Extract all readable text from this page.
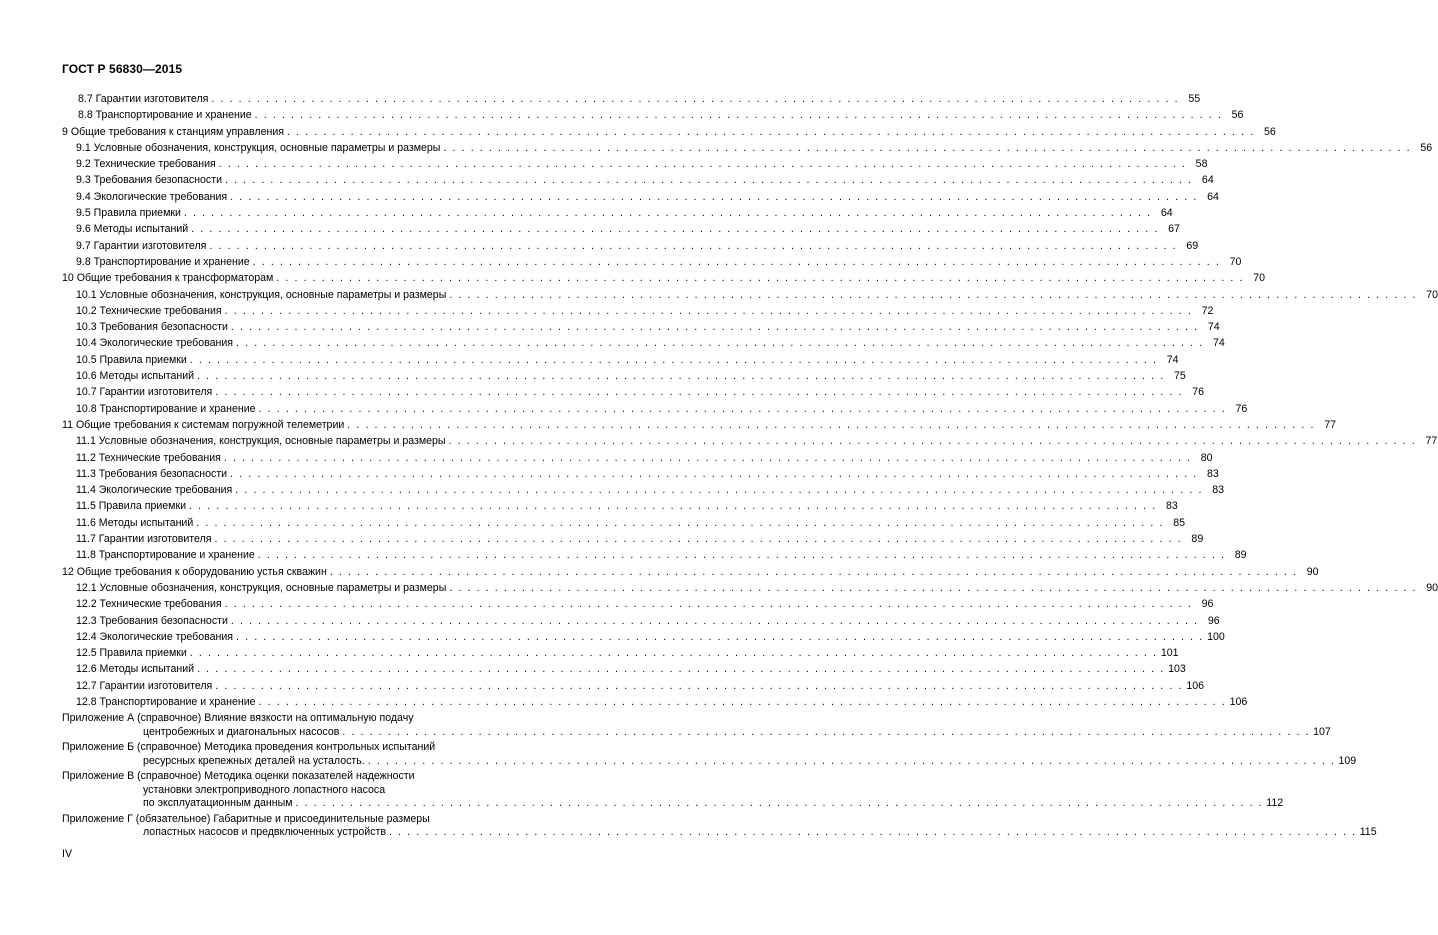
ГОСТ Р 56830—2015
8.7 Гарантии изготовителя . . . . . . . . . . . . . . . . . . . . . . . . . . . . . . . . . . . . . . . . . . . . . . . . . . . . . . . . . . . . . . . . . . . . . . . . . . . . . . . . . . . . . . . . . . . . . . . . . . . . . . . . . . . 55
8.8 Транспортирование и хранение . . . . . . . . . . . . . . . . . . . . . . . . . . . . . . . . . . . . . . . . . . . . . . . . . . . . . . . . . . . . . . . . . . . . . . . . . . . . . . . . . . . . . . . . . . . . . . . . . . . . . . . . . . . 56
9 Общие требования к станциям управления . . . . . . . . . . . . . . . . . . . . . . . . . . . . . . . . . . . . . . . . . . . . . . . . . . . . . . . . . . . . . . . . . . . . . . . . . . . . . . . . . . . . . . . . . . . . . . . . . . . . . . . . . . . 56
9.1 Условные обозначения, конструкция, основные параметры и размеры . . . . . . . . . . . . . . . . . . . . . . . . . . . . . . . . . . . . . . . . . . . . . . . . . . . . . . . . . . . . . . . . . . . . . . . . . . . . . . . . . . . . . . . . . . . . . . . . . . . . . . . . . . . 56
9.2 Технические требования . . . . . . . . . . . . . . . . . . . . . . . . . . . . . . . . . . . . . . . . . . . . . . . . . . . . . . . . . . . . . . . . . . . . . . . . . . . . . . . . . . . . . . . . . . . . . . . . . . . . . . . . . . . 58
9.3 Требования безопасности . . . . . . . . . . . . . . . . . . . . . . . . . . . . . . . . . . . . . . . . . . . . . . . . . . . . . . . . . . . . . . . . . . . . . . . . . . . . . . . . . . . . . . . . . . . . . . . . . . . . . . . . . . . 64
9.4 Экологические требования . . . . . . . . . . . . . . . . . . . . . . . . . . . . . . . . . . . . . . . . . . . . . . . . . . . . . . . . . . . . . . . . . . . . . . . . . . . . . . . . . . . . . . . . . . . . . . . . . . . . . . . . . . . 64
9.5 Правила приемки . . . . . . . . . . . . . . . . . . . . . . . . . . . . . . . . . . . . . . . . . . . . . . . . . . . . . . . . . . . . . . . . . . . . . . . . . . . . . . . . . . . . . . . . . . . . . . . . . . . . . . . . . . . 64
9.6 Методы испытаний . . . . . . . . . . . . . . . . . . . . . . . . . . . . . . . . . . . . . . . . . . . . . . . . . . . . . . . . . . . . . . . . . . . . . . . . . . . . . . . . . . . . . . . . . . . . . . . . . . . . . . . . . . . 67
9.7 Гарантии изготовителя . . . . . . . . . . . . . . . . . . . . . . . . . . . . . . . . . . . . . . . . . . . . . . . . . . . . . . . . . . . . . . . . . . . . . . . . . . . . . . . . . . . . . . . . . . . . . . . . . . . . . . . . . . . 69
9.8 Транспортирование и хранение . . . . . . . . . . . . . . . . . . . . . . . . . . . . . . . . . . . . . . . . . . . . . . . . . . . . . . . . . . . . . . . . . . . . . . . . . . . . . . . . . . . . . . . . . . . . . . . . . . . . . . . . . . . 70
10 Общие требования к трансформаторам . . . . . . . . . . . . . . . . . . . . . . . . . . . . . . . . . . . . . . . . . . . . . . . . . . . . . . . . . . . . . . . . . . . . . . . . . . . . . . . . . . . . . . . . . . . . . . . . . . . . . . . . . . . 70
10.1 Условные обозначения, конструкция, основные параметры и размеры . . . . . . . . . . . . . . . . . . . . . . . . . . . . . . . . . . . . . . . . . . . . . . . . . . . . . . . . . . . . . . . . . . . . . . . . . . . . . . . . . . . . . . . . . . . . . . . . . . . . . . . . . . . 70
10.2 Технические требования . . . . . . . . . . . . . . . . . . . . . . . . . . . . . . . . . . . . . . . . . . . . . . . . . . . . . . . . . . . . . . . . . . . . . . . . . . . . . . . . . . . . . . . . . . . . . . . . . . . . . . . . . . . 72
10.3 Требования безопасности . . . . . . . . . . . . . . . . . . . . . . . . . . . . . . . . . . . . . . . . . . . . . . . . . . . . . . . . . . . . . . . . . . . . . . . . . . . . . . . . . . . . . . . . . . . . . . . . . . . . . . . . . . . 74
10.4 Экологические требования . . . . . . . . . . . . . . . . . . . . . . . . . . . . . . . . . . . . . . . . . . . . . . . . . . . . . . . . . . . . . . . . . . . . . . . . . . . . . . . . . . . . . . . . . . . . . . . . . . . . . . . . . . . 74
10.5 Правила приемки . . . . . . . . . . . . . . . . . . . . . . . . . . . . . . . . . . . . . . . . . . . . . . . . . . . . . . . . . . . . . . . . . . . . . . . . . . . . . . . . . . . . . . . . . . . . . . . . . . . . . . . . . . . 74
10.6 Методы испытаний . . . . . . . . . . . . . . . . . . . . . . . . . . . . . . . . . . . . . . . . . . . . . . . . . . . . . . . . . . . . . . . . . . . . . . . . . . . . . . . . . . . . . . . . . . . . . . . . . . . . . . . . . . . 75
10.7 Гарантии изготовителя . . . . . . . . . . . . . . . . . . . . . . . . . . . . . . . . . . . . . . . . . . . . . . . . . . . . . . . . . . . . . . . . . . . . . . . . . . . . . . . . . . . . . . . . . . . . . . . . . . . . . . . . . . . 76
10.8 Транспортирование и хранение . . . . . . . . . . . . . . . . . . . . . . . . . . . . . . . . . . . . . . . . . . . . . . . . . . . . . . . . . . . . . . . . . . . . . . . . . . . . . . . . . . . . . . . . . . . . . . . . . . . . . . . . . . . 76
11 Общие требования к системам погружной телеметрии . . . . . . . . . . . . . . . . . . . . . . . . . . . . . . . . . . . . . . . . . . . . . . . . . . . . . . . . . . . . . . . . . . . . . . . . . . . . . . . . . . . . . . . . . . . . . . . . . . . . . . . . . . . 77
11.1 Условные обозначения, конструкция, основные параметры и размеры . . . . . . . . . . . . . . . . . . . . . . . . . . . . . . . . . . . . . . . . . . . . . . . . . . . . . . . . . . . . . . . . . . . . . . . . . . . . . . . . . . . . . . . . . . . . . . . . . . . . . . . . . . . 77
11.2 Технические требования . . . . . . . . . . . . . . . . . . . . . . . . . . . . . . . . . . . . . . . . . . . . . . . . . . . . . . . . . . . . . . . . . . . . . . . . . . . . . . . . . . . . . . . . . . . . . . . . . . . . . . . . . . . 80
11.3 Требования безопасности . . . . . . . . . . . . . . . . . . . . . . . . . . . . . . . . . . . . . . . . . . . . . . . . . . . . . . . . . . . . . . . . . . . . . . . . . . . . . . . . . . . . . . . . . . . . . . . . . . . . . . . . . . . 83
11.4 Экологические требования . . . . . . . . . . . . . . . . . . . . . . . . . . . . . . . . . . . . . . . . . . . . . . . . . . . . . . . . . . . . . . . . . . . . . . . . . . . . . . . . . . . . . . . . . . . . . . . . . . . . . . . . . . . 83
11.5 Правила приемки . . . . . . . . . . . . . . . . . . . . . . . . . . . . . . . . . . . . . . . . . . . . . . . . . . . . . . . . . . . . . . . . . . . . . . . . . . . . . . . . . . . . . . . . . . . . . . . . . . . . . . . . . . . 83
11.6 Методы испытаний . . . . . . . . . . . . . . . . . . . . . . . . . . . . . . . . . . . . . . . . . . . . . . . . . . . . . . . . . . . . . . . . . . . . . . . . . . . . . . . . . . . . . . . . . . . . . . . . . . . . . . . . . . . 85
11.7 Гарантии изготовителя . . . . . . . . . . . . . . . . . . . . . . . . . . . . . . . . . . . . . . . . . . . . . . . . . . . . . . . . . . . . . . . . . . . . . . . . . . . . . . . . . . . . . . . . . . . . . . . . . . . . . . . . . . . 89
11.8 Транспортирование и хранение . . . . . . . . . . . . . . . . . . . . . . . . . . . . . . . . . . . . . . . . . . . . . . . . . . . . . . . . . . . . . . . . . . . . . . . . . . . . . . . . . . . . . . . . . . . . . . . . . . . . . . . . . . . 89
12 Общие требования к оборудованию устья скважин . . . . . . . . . . . . . . . . . . . . . . . . . . . . . . . . . . . . . . . . . . . . . . . . . . . . . . . . . . . . . . . . . . . . . . . . . . . . . . . . . . . . . . . . . . . . . . . . . . . . . . . . . . . 90
12.1 Условные обозначения, конструкция, основные параметры и размеры . . . . . . . . . . . . . . . . . . . . . . . . . . . . . . . . . . . . . . . . . . . . . . . . . . . . . . . . . . . . . . . . . . . . . . . . . . . . . . . . . . . . . . . . . . . . . . . . . . . . . . . . . . . 90
12.2 Технические требования . . . . . . . . . . . . . . . . . . . . . . . . . . . . . . . . . . . . . . . . . . . . . . . . . . . . . . . . . . . . . . . . . . . . . . . . . . . . . . . . . . . . . . . . . . . . . . . . . . . . . . . . . . . 96
12.3 Требования безопасности . . . . . . . . . . . . . . . . . . . . . . . . . . . . . . . . . . . . . . . . . . . . . . . . . . . . . . . . . . . . . . . . . . . . . . . . . . . . . . . . . . . . . . . . . . . . . . . . . . . . . . . . . . . 96
12.4 Экологические требования . . . . . . . . . . . . . . . . . . . . . . . . . . . . . . . . . . . . . . . . . . . . . . . . . . . . . . . . . . . . . . . . . . . . . . . . . . . . . . . . . . . . . . . . . . . . . . . . . . . . . . . . . . . 100
12.5 Правила приемки . . . . . . . . . . . . . . . . . . . . . . . . . . . . . . . . . . . . . . . . . . . . . . . . . . . . . . . . . . . . . . . . . . . . . . . . . . . . . . . . . . . . . . . . . . . . . . . . . . . . . . . . . . . 101
12.6 Методы испытаний . . . . . . . . . . . . . . . . . . . . . . . . . . . . . . . . . . . . . . . . . . . . . . . . . . . . . . . . . . . . . . . . . . . . . . . . . . . . . . . . . . . . . . . . . . . . . . . . . . . . . . . . . . . 103
12.7 Гарантии изготовителя . . . . . . . . . . . . . . . . . . . . . . . . . . . . . . . . . . . . . . . . . . . . . . . . . . . . . . . . . . . . . . . . . . . . . . . . . . . . . . . . . . . . . . . . . . . . . . . . . . . . . . . . . . . 106
12.8 Транспортирование и хранение . . . . . . . . . . . . . . . . . . . . . . . . . . . . . . . . . . . . . . . . . . . . . . . . . . . . . . . . . . . . . . . . . . . . . . . . . . . . . . . . . . . . . . . . . . . . . . . . . . . . . . . . . . . 106
Приложение А (справочное) Влияние вязкости на оптимальную подачу
центробежных и диагональных насосов . . . . . . . . . . . . . . . . . . . . . . . . . . . . . . . . . . . . . . . . . . . . . . . . . . . . . . . . . . . . . . . . . . . . . . . . . . . . . . . . . . . . . . . . . . . . . . . . . . . . . . . . . . . 107
Приложение Б (справочное) Методика проведения контрольных испытаний
ресурсных крепежных деталей на усталость. . . . . . . . . . . . . . . . . . . . . . . . . . . . . . . . . . . . . . . . . . . . . . . . . . . . . . . . . . . . . . . . . . . . . . . . . . . . . . . . . . . . . . . . . . . . . . . . . . . . . . . . . . . . 109
Приложение В (справочное) Методика оценки показателей надежности
установки электроприводного лопастного насоса
по эксплуатационным данным . . . . . . . . . . . . . . . . . . . . . . . . . . . . . . . . . . . . . . . . . . . . . . . . . . . . . . . . . . . . . . . . . . . . . . . . . . . . . . . . . . . . . . . . . . . . . . . . . . . . . . . . . . . 112
Приложение Г (обязательное) Габаритные и присоединительные размеры
лопастных насосов и предвключенных устройств . . . . . . . . . . . . . . . . . . . . . . . . . . . . . . . . . . . . . . . . . . . . . . . . . . . . . . . . . . . . . . . . . . . . . . . . . . . . . . . . . . . . . . . . . . . . . . . . . . . . . . . . . . . 115
IV
